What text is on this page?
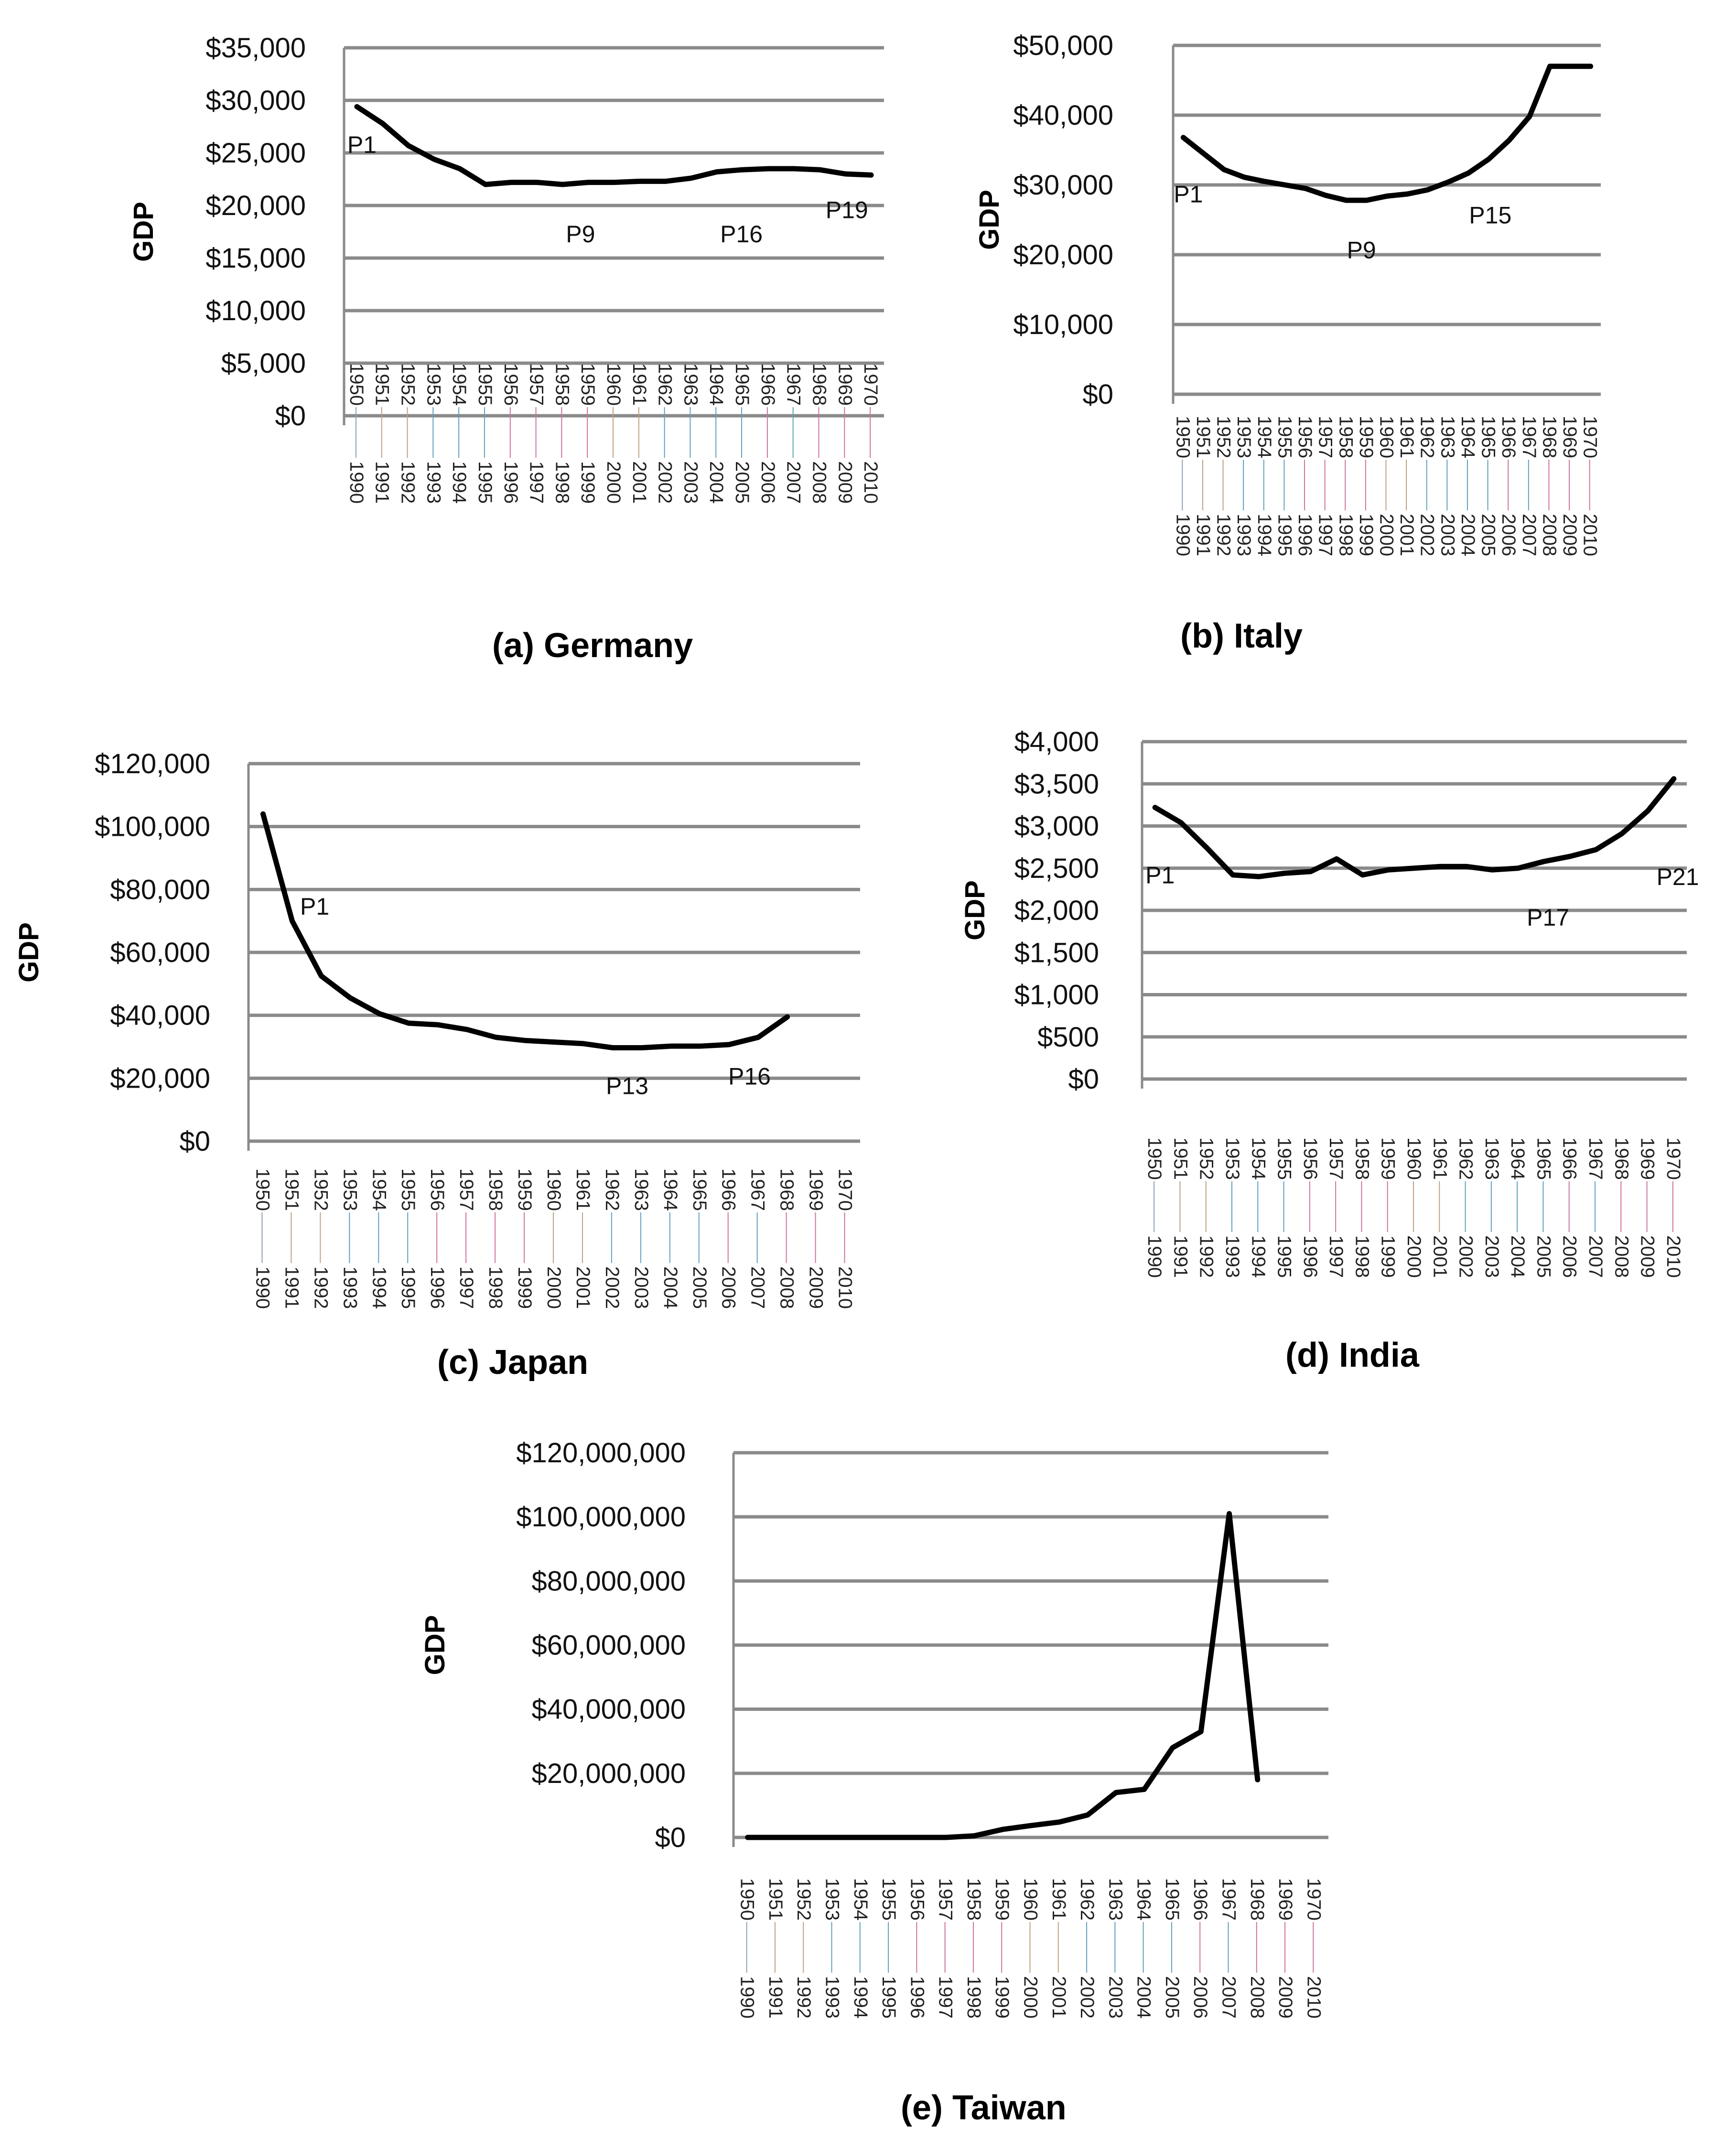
$0
$5,000
$10,000
$15,000
$20,000
$25,000
$30,000
$35,000
GDP
1950
1990
1951
1991
1952
1992
1953
1993
1954
1994
1955
1995
1956
1996
1957
1997
1958
1998
1959
1999
1960
2000
1961
2001
1962
2002
1963
2003
1964
2004
1965
2005
1966
2006
1967
2007
1968
2008
1969
2009
1970
2010
P1
P9	P16
P19
(a) Germany
$0
$10,000
$20,000
$30,000
$40,000
$50,000
GDP
1950
1990
1951
1991
1952
1992
1953
1993
1954
1994
1955
1995
1956
1996
1957
1997
1958
1998
1959
1999
1960
2000
1961
2001
1962
2002
1963
2003
1964
2004
1965
2005
1966
2006
1967
2007
1968
2008
1969
2009
1970
2010
P1
P9
P15
(b) Italy
$0
$20,000
$40,000
$60,000
$80,000
$100,000
$120,000
GDP
1950
1990
1951
1991
1952
1992
1953
1993
1954
1994
1955
1995
1956
1996
1957
1997
1958
1998
1959
1999
1960
2000
1961
2001
1962
2002
1963
2003
1964
2004
1965
2005
1966
2006
1967
2007
1968
2008
1969
2009
1970
2010
P1
P13	P16
(c) Japan
$0
$500
$1,000
$1,500
$2,000
$2,500
$3,000
$3,500
$4,000
GDP
1950
1990
1951
1991
1952
1992
1953
1993
1954
1994
1955
1995
1956
1996
1957
1997
1958
1998
1959
1999
1960
2000
1961
2001
1962
2002
1963
2003
1964
2004
1965
2005
1966
2006
1967
2007
1968
2008
1969
2009
1970
2010
P1
P17
P21
(d) India
$0
$20,000,000
$40,000,000
$60,000,000
$80,000,000
$100,000,000
$120,000,000
GDP
1950
1990
1951
1991
1952
1992
1953
1993
1954
1994
1955
1995
1956
1996
1957
1997
1958
1998
1959
1999
1960
2000
1961
2001
1962
2002
1963
2003
1964
2004
1965
2005
1966
2006
1967
2007
1968
2008
1969
2009
1970
2010
(e) Taiwan
